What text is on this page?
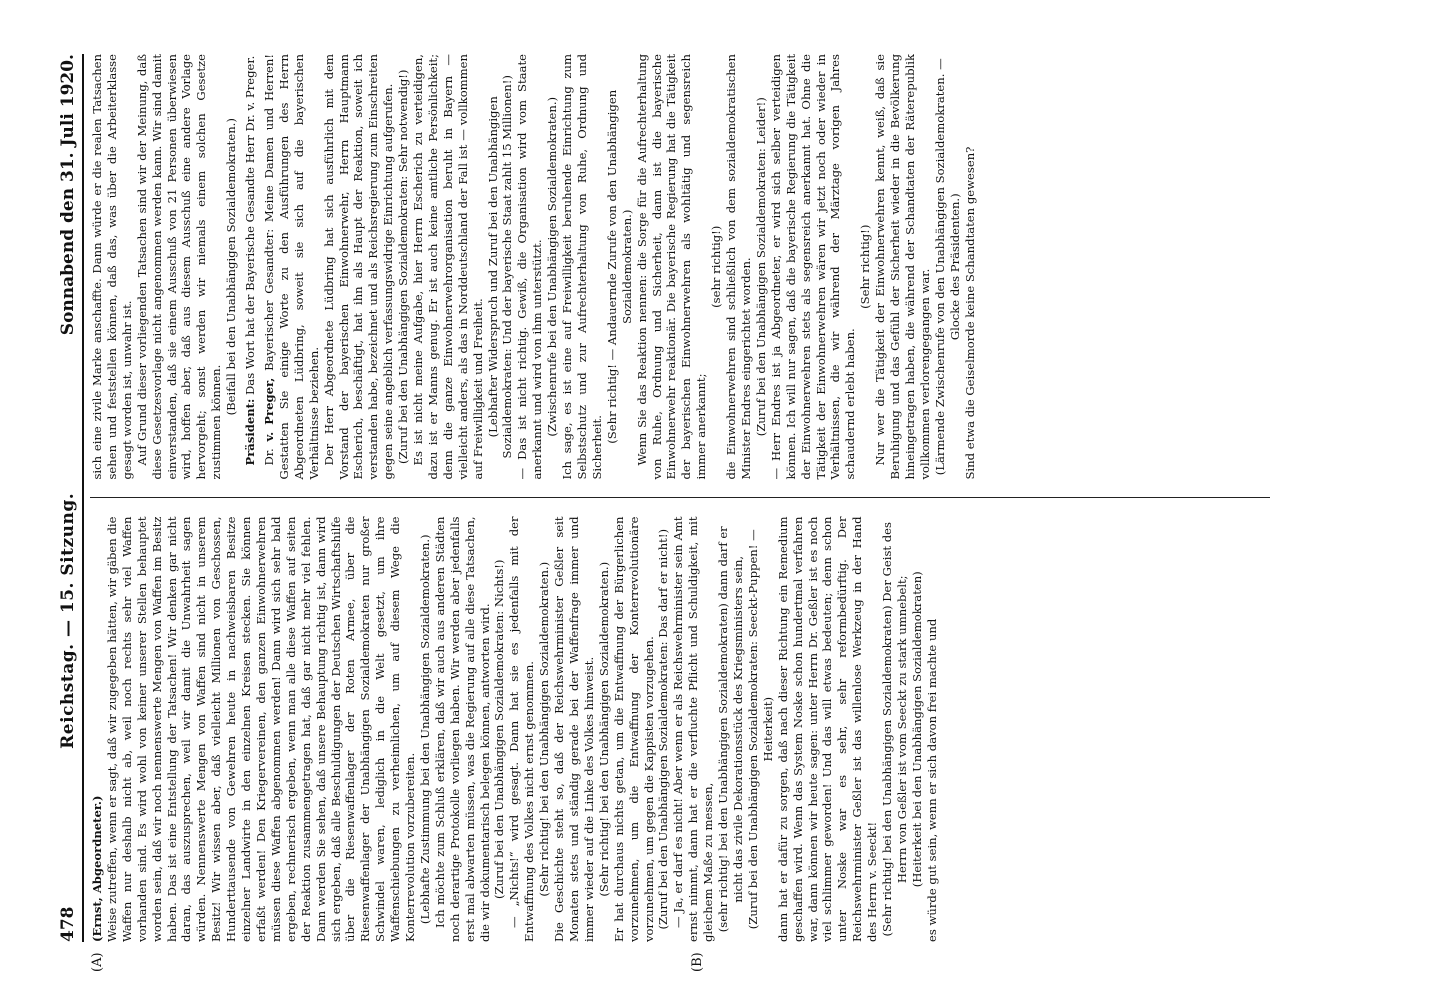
478
Reichstag. — 15. Sitzung.
Sonnabend den 31. Juli 1920.
(A)	(B)

(Ernst, Abgeordneter.) Weise zutreffen, wenn er sagt, daß wir zugegeben hätten, wir gäben die Waffen nur deshalb nicht ab, weil noch rechts sehr viel Waffen vorhanden sind. Es wird wohl von keiner unserer Stellen behauptet worden sein, daß wir noch nennenswerte Mengen von Waffen im Besitz haben. Das ist eine Entstellung der Tatsachen! Wir denken gar nicht daran, das auszusprechen, weil wir damit die Unwahrheit sagen würden. Nennenswerte Mengen von Waffen sind nicht in unserem Besitz! Wir wissen aber, daß vielleicht Millionen von Geschossen, Hunderttausende von Gewehren heute in nachweisbaren Besitze einzelner Landwirte in den einzelnen Kreisen stecken. Sie können erfaßt werden! Den Kriegervereinen, den ganzen Einwohnerwehren müssen diese Waffen abgenommen werden! Dann wird sich sehr bald ergeben, rechnerisch ergeben, wenn man alle diese Waffen auf seiten der Reaktion zusammengetragen hat, daß gar nicht mehr viel fehlen. Dann werden Sie sehen, daß unsere Behauptung richtig ist, dann wird sich ergeben, daß alle Beschuldigungen der Deutschen Wirtschaftshilfe über die Riesenwaffenlager der Roten Armee, über die Riesenwaffenlager der Unabhängigen Sozialdemokraten nur großer Schwindel waren, lediglich in die Welt gesetzt, um ihre Waffenschiebungen zu verheimlichen, um auf diesem Wege die Konterrevolution vorzubereiten. (Lebhafte Zustimmung bei den Unabhängigen Sozialdemokraten.) Ich möchte zum Schluß erklären, daß wir auch aus anderen Städten noch derartige Protokolle vorliegen haben. Wir werden aber jedenfalls erst mal abwarten müssen, was die Regierung auf alle diese Tatsachen, die wir dokumentarisch belegen können, antworten wird. (Zuruf bei den Unabhängigen Sozialdemokraten: Nichts!) — „Nichts!“ wird gesagt. Dann hat sie es jedenfalls mit der Entwaffnung des Volkes nicht ernst genommen. (Sehr richtig! bei den Unabhängigen Sozialdemokraten.) Die Geschichte steht so, daß der Reichswehrminister Geßler seit Monaten stets und ständig gerade bei der Waffenfrage immer und immer wieder auf die Linke des Volkes hinweist. (Sehr richtig! bei den Unabhängigen Sozialdemokraten.) Er hat durchaus nichts getan, um die Entwaffnung der Bürgerlichen vorzunehmen, um die Entwaffnung der Konterrevolutionäre vorzunehmen, um gegen die Kappisten vorzugehen. (Zuruf bei den Unabhängigen Sozialdemokraten: Das darf er nicht!) — Ja, er darf es nicht! Aber wenn er als Reichswehrminister sein Amt ernst nimmt, dann hat er die verfluchte Pflicht und Schuldigkeit, mit gleichem Maße zu messen, (sehr richtig! bei den Unabhängigen Sozialdemokraten) dann darf er nicht das zivile Dekorationsstück des Kriegsministers sein, (Zuruf bei den Unabhängigen Sozialdemokraten: Seeckt-Puppen! — Heiterkeit) dann hat er dafür zu sorgen, daß nach dieser Richtung ein Remedium geschaffen wird. Wenn das System Noske schon hundertmal verfahren war, dann können wir heute sagen: unter Herrn Dr. Geßler ist es noch viel schlimmer geworden! Und das will etwas bedeuten; denn schon unter Noske war es sehr, sehr reformbedürftig. Der Reichswehrminister Geßler ist das willenlose Werkzeug in der Hand des Herrn v. Seeckt! (Sehr richtig! bei den Unabhängigen Sozialdemokraten) Der Geist des Herrn von Geßler ist vom Seeckt zu stark umnebelt; (Heiterkeit bei den Unabhängigen Sozialdemokraten) es würde gut sein, wenn er sich davon frei machte und

sich eine zivile Marke anschaffte. Dann würde er die realen Tatsachen sehen und feststellen können, daß das, was über die Arbeiterklasse gesagt worden ist, unwahr ist. Auf Grund dieser vorliegenden Tatsachen sind wir der Meinung, daß diese Gesetzesvorlage nicht angenommen werden kann. Wir sind damit einverstanden, daß sie einem Ausschuß von 21 Personen überwiesen wird, hoffen aber, daß aus diesem Ausschuß eine andere Vorlage hervorgeht; sonst werden wir niemals einem solchen Gesetze zustimmen können.

(Beifall bei den Unabhängigen Sozialdemokraten.)

Präsident: Das Wort hat der Bayerische Gesandte Herr Dr. v. Preger.

Dr. v. Preger, Bayerischer Gesandter: Meine Damen und Herren! Gestatten Sie einige Worte zu den Ausführungen des Herrn Abgeordneten Lüdbring, soweit sie sich auf die bayerischen Verhältnisse beziehen. Der Herr Abgeordnete Lüdbring hat sich ausführlich mit dem Vorstand der bayerischen Einwohnerwehr, Herrn Hauptmann Escherich, beschäftigt, hat ihn als Haupt der Reaktion, soweit ich verstanden habe, bezeichnet und als Reichsregierung zum Einschreiten gegen seine angeblich verfassungswidrige Einrichtung aufgerufen. (Zuruf bei den Unabhängigen Sozialdemokraten: Sehr notwendig!) Es ist nicht meine Aufgabe, hier Herrn Escherich zu verteidigen, dazu ist er Manns genug. Er ist auch keine amtliche Persönlichkeit; denn die ganze Einwohnerwehrorganisation beruht in Bayern — vielleicht anders, als das in Norddeutschland der Fall ist — vollkommen auf Freiwilligkeit und Freiheit. (Lebhafter Widerspruch und Zuruf bei den Unabhängigen Sozialdemokraten: Und der bayerische Staat zahlt 15 Millionen!) — Das ist nicht richtig. Gewiß, die Organisation wird vom Staate anerkannt und wird von ihm unterstützt. (Zwischenrufe bei den Unabhängigen Sozialdemokraten.) Ich sage, es ist eine auf Freiwilligkeit beruhende Einrichtung zum Selbstschutz und zur Aufrechterhaltung von Ruhe, Ordnung und Sicherheit.

(Sehr richtig! — Andauernde Zurufe von den Unabhängigen Sozialdemokraten.) Wenn Sie das Reaktion nennen: die Sorge für die Aufrechterhaltung von Ruhe, Ordnung und Sicherheit, dann ist die bayerische Einwohnerwehr reaktionär. Die bayerische Regierung hat die Tätigkeit der bayerischen Einwohnerwehren als wohltätig und segensreich immer anerkannt;

(sehr richtig!) die Einwohnerwehren sind schließlich von dem sozialdemokratischen Minister Endres eingerichtet worden. (Zuruf bei den Unabhängigen Sozialdemokraten: Leider!) — Herr Endres ist ja Abgeordneter, er wird sich selber verteidigen können. Ich will nur sagen, daß die bayerische Regierung die Tätigkeit der Einwohnerwehren stets als segensreich anerkannt hat. Ohne die Tätigkeit der Einwohnerwehren wären wir jetzt noch oder wieder in Verhältnissen, die wir während der Märztage vorigen Jahres schaudernd erlebt haben.

(Sehr richtig!) Nur wer die Tätigkeit der Einwohnerwehren kennt, weiß, daß sie Beruhigung und das Gefühl der Sicherheit wieder in die Bevölkerung hineingetragen haben, die während der Schandtaten der Räterepublik vollkommen verlorengegangen war. (Lärmende Zwischenrufe von den Unabhängigen Sozialdemokraten. — Glocke des Präsidenten.) Sind etwa die Geiselmorde keine Schandtaten gewesen?
